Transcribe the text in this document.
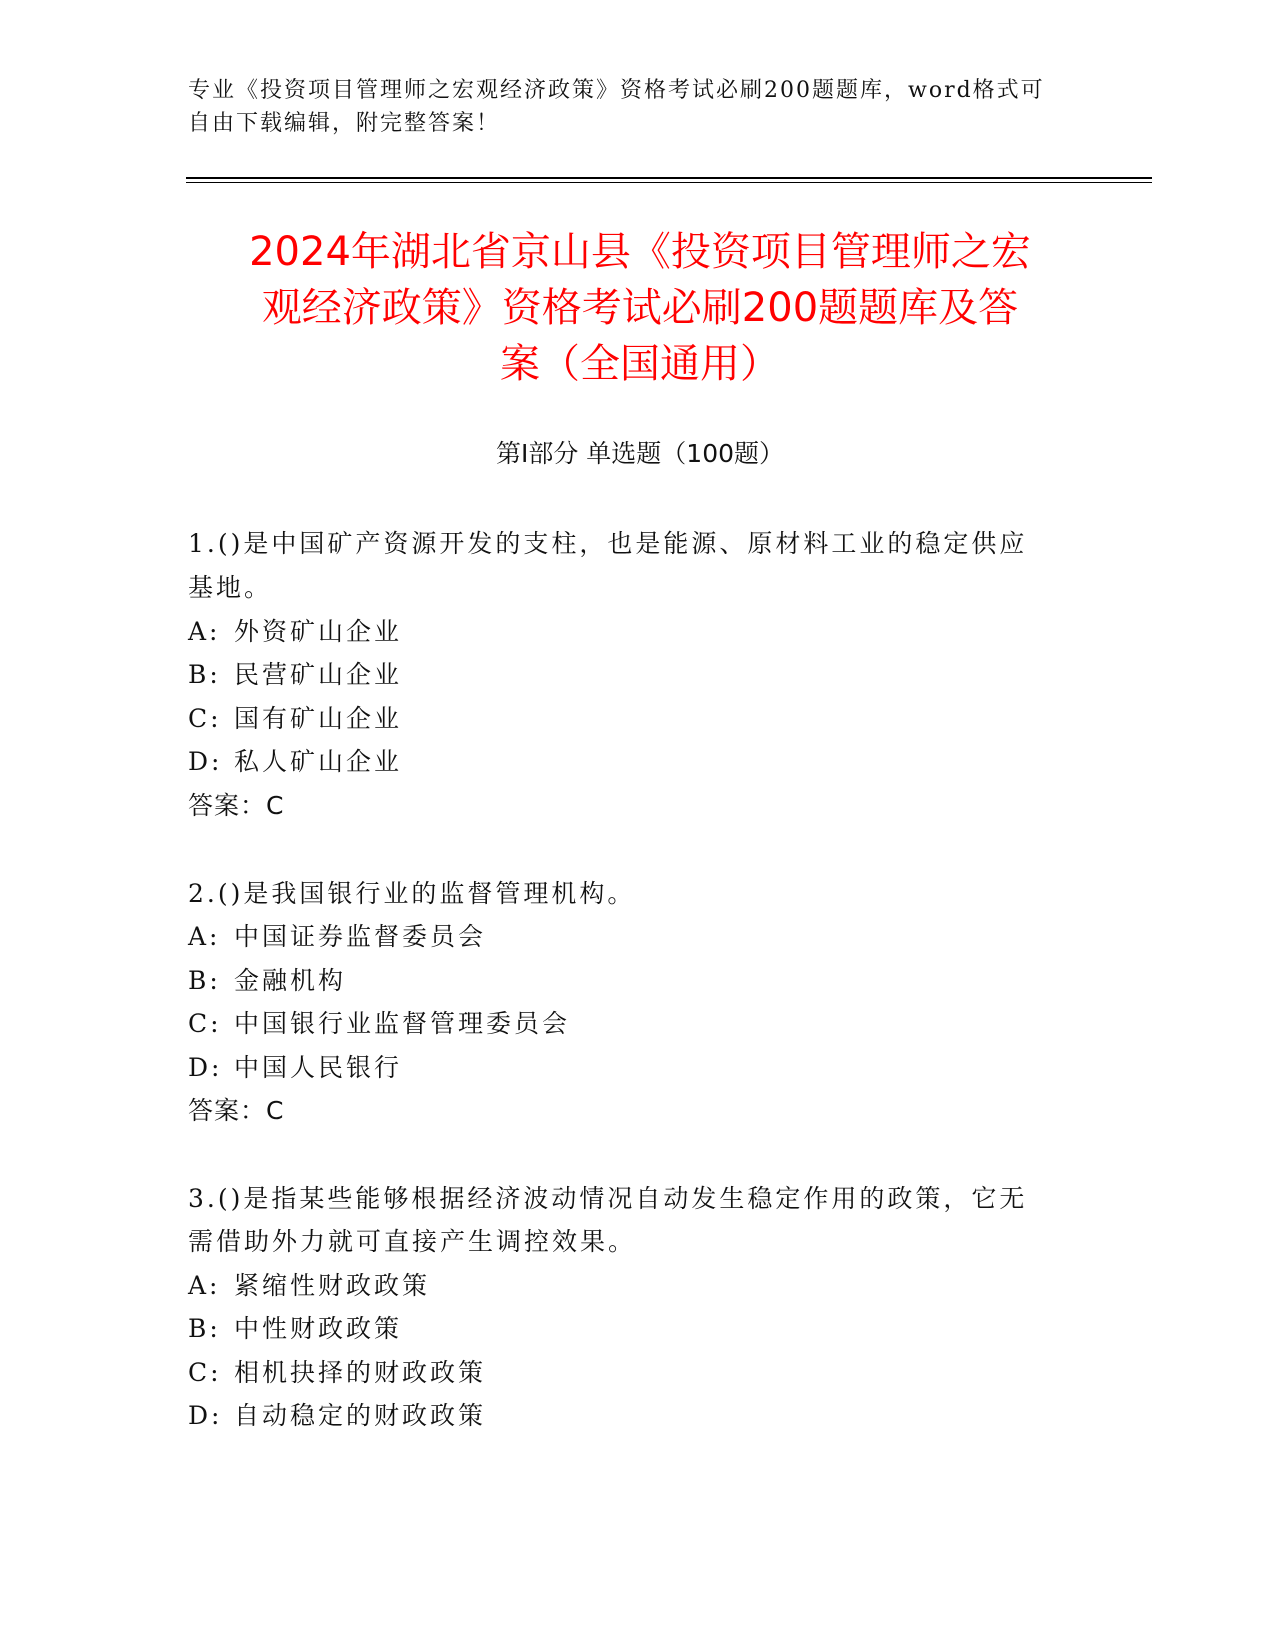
专业《投资项目管理师之宏观经济政策》资格考试必刷200题题库，word格式可
自由下载编辑，附完整答案！
2024年湖北省京山县《投资项目管理师之宏
观经济政策》资格考试必刷200题题库及答
案（全国通用）
第Ⅰ部分 单选题（100题）
1.()是中国矿产资源开发的支柱，也是能源、原材料工业的稳定供应
基地。
A: 外资矿山企业
B: 民营矿山企业
C: 国有矿山企业
D: 私人矿山企业
答案：C
2.()是我国银行业的监督管理机构。
A: 中国证券监督委员会
B: 金融机构
C: 中国银行业监督管理委员会
D: 中国人民银行
答案：C
3.()是指某些能够根据经济波动情况自动发生稳定作用的政策，它无
需借助外力就可直接产生调控效果。
A: 紧缩性财政政策
B: 中性财政政策
C: 相机抉择的财政政策
D: 自动稳定的财政政策
